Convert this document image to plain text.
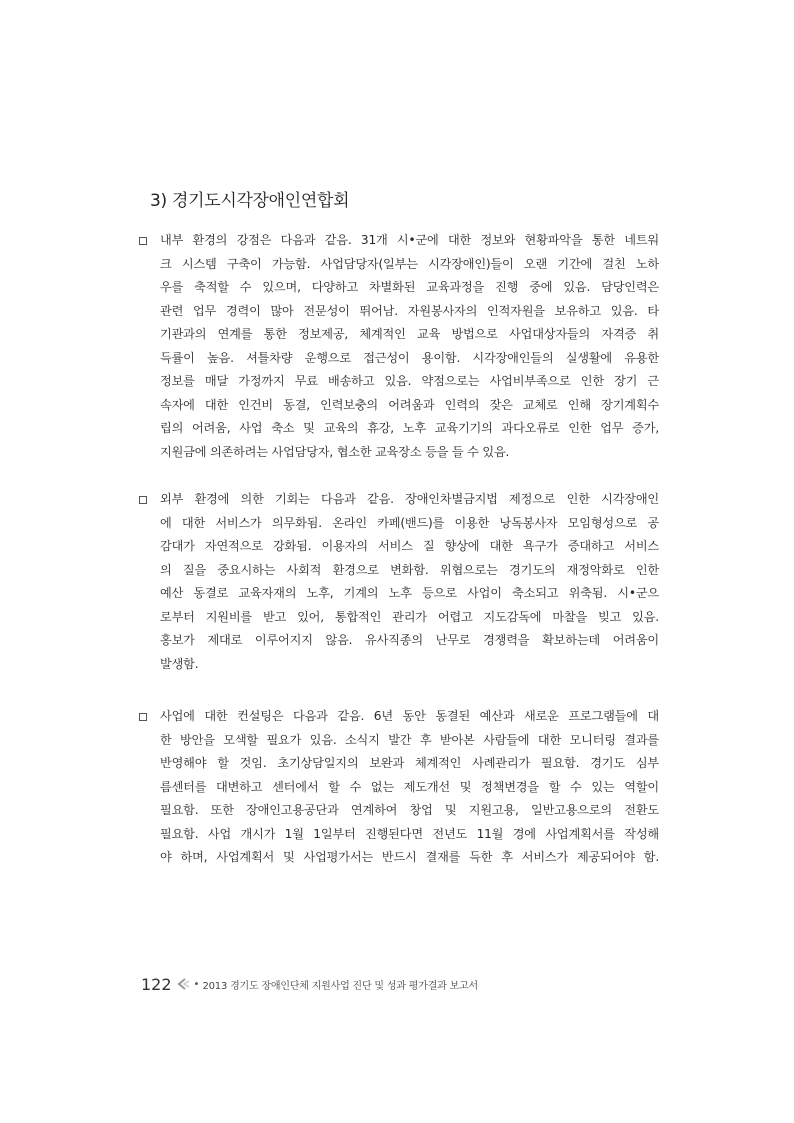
3) 경기도시각장애인연합회
내부 환경의 강점은 다음과 같음. 31개 시•군에 대한 정보와 현황파악을 통한 네트워
크 시스템 구축이 가능함. 사업담당자(일부는 시각장애인)들이 오랜 기간에 걸친 노하
우를 축적할 수 있으며, 다양하고 차별화된 교육과정을 진행 중에 있음. 담당인력은
관련 업무 경력이 많아 전문성이 뛰어남. 자원봉사자의 인적자원을 보유하고 있음. 타
기관과의 연계를 통한 정보제공, 체계적인 교육 방법으로 사업대상자들의 자격증 취
득률이 높음. 셔틀차량 운행으로 접근성이 용이함. 시각장애인들의 실생활에 유용한
정보를 매달 가정까지 무료 배송하고 있음. 약점으로는 사업비부족으로 인한 장기 근
속자에 대한 인건비 동결, 인력보충의 어려움과 인력의 잦은 교체로 인해 장기계획수
립의 어려움, 사업 축소 및 교육의 휴강, 노후 교육기기의 과다오류로 인한 업무 증가,
지원금에 의존하려는 사업담당자, 협소한 교육장소 등을 들 수 있음.
외부 환경에 의한 기회는 다음과 같음. 장애인차별금지법 제정으로 인한 시각장애인
에 대한 서비스가 의무화됨. 온라인 카페(밴드)를 이용한 낭독봉사자 모임형성으로 공
감대가 자연적으로 강화됨. 이용자의 서비스 질 향상에 대한 욕구가 증대하고 서비스
의 질을 중요시하는 사회적 환경으로 변화함. 위협으로는 경기도의 재정악화로 인한
예산 동결로 교육자재의 노후, 기계의 노후 등으로 사업이 축소되고 위축됨. 시•군으
로부터 지원비를 받고 있어, 통합적인 관리가 어렵고 지도감독에 마찰을 빚고 있음.
홍보가 제대로 이루어지지 않음. 유사직종의 난무로 경쟁력을 확보하는데 어려움이
발생함.
사업에 대한 컨설팅은 다음과 같음. 6년 동안 동결된 예산과 새로운 프로그램들에 대
한 방안을 모색할 필요가 있음. 소식지 발간 후 받아본 사람들에 대한 모니터링 결과를
반영해야 할 것임. 초기상담일지의 보완과 체계적인 사례관리가 필요함. 경기도 심부
름센터를 대변하고 센터에서 할 수 없는 제도개선 및 정책변경을 할 수 있는 역할이
필요함. 또한 장애인고용공단과 연계하여 창업 및 지원고용, 일반고용으로의 전환도
필요함. 사업 개시가 1월 1일부터 진행된다면 전년도 11월 경에 사업계획서를 작성해
야 하며, 사업계획서 및 사업평가서는 반드시 결재를 득한 후 서비스가 제공되어야 함.
122 • 2013 경기도 장애인단체 지원사업 진단 및 성과 평가결과 보고서
